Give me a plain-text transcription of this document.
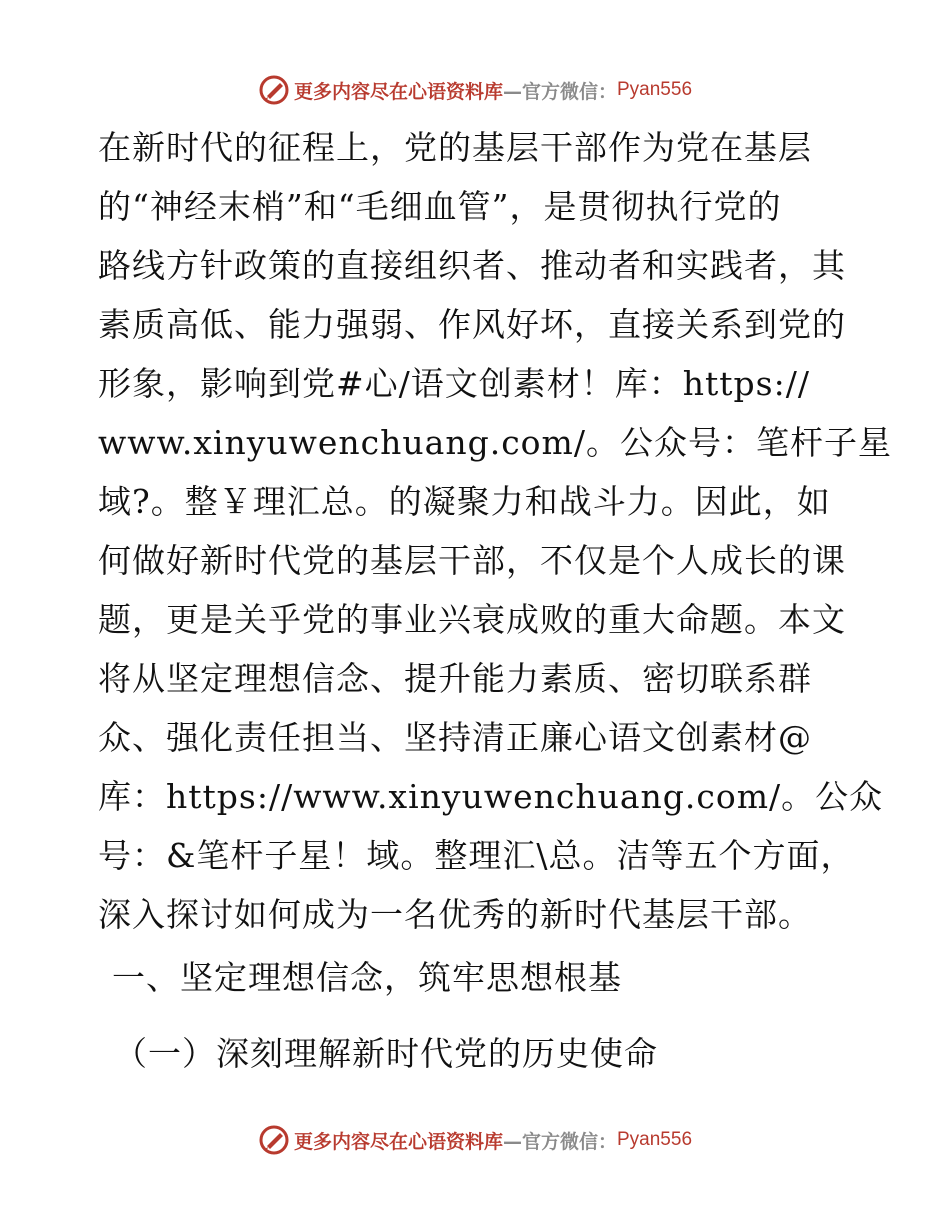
更多内容尽在心语资料库 —官方微信： Pyan556
在新时代的征程上，党的基层干部作为党在基层
的“神经末梢”和“毛细血管”，是贯彻执行党的
路线方针政策的直接组织者、推动者和实践者，其
素质高低、能力强弱、作风好坏，直接关系到党的
形象，影响到党#心/语文创素材！库：https://
www.xinyuwenchuang.com/。公众号：笔杆子星
域?。整￥理汇总。的凝聚力和战斗力。因此，如
何做好新时代党的基层干部，不仅是个人成长的课
题，更是关乎党的事业兴衰成败的重大命题。本文
将从坚定理想信念、提升能力素质、密切联系群
众、强化责任担当、坚持清正廉心语文创素材@
库：https://www.xinyuwenchuang.com/。公众
号：&笔杆子星！域。整理汇\总。洁等五个方面，
深入探讨如何成为一名优秀的新时代基层干部。
一、坚定理想信念，筑牢思想根基
（一）深刻理解新时代党的历史使命
更多内容尽在心语资料库 —官方微信： Pyan556
